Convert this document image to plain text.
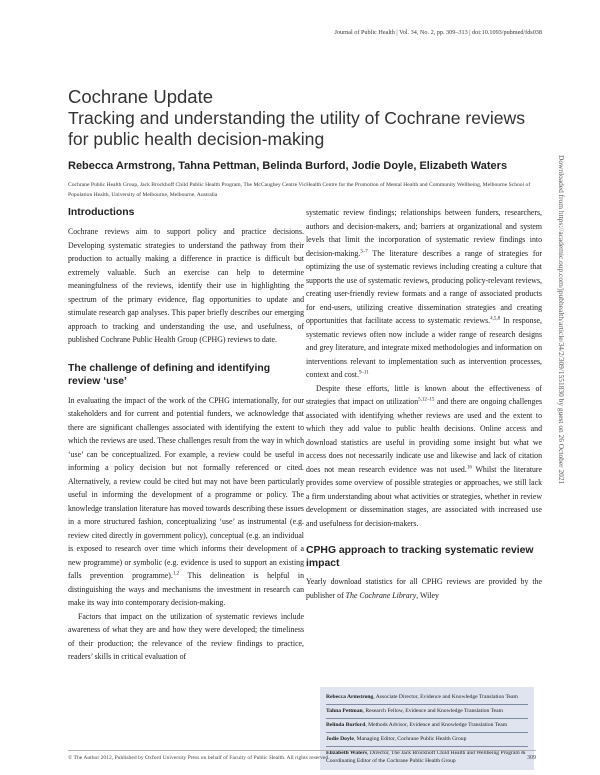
Journal of Public Health | Vol. 34, No. 2, pp. 309–313 | doi:10.1093/pubmed/fds038
Cochrane Update
Tracking and understanding the utility of Cochrane reviews for public health decision-making
Rebecca Armstrong, Tahna Pettman, Belinda Burford, Jodie Doyle, Elizabeth Waters
Cochrane Public Health Group, Jack Brockhoff Child Public Health Program, The McCaughey Centre VicHealth Centre for the Promotion of Mental Health and Community Wellbeing, Melbourne School of Population Health, University of Melbourne, Melbourne, Australia
Introductions

Cochrane reviews aim to support policy and practice decisions. Developing systematic strategies to understand the pathway from their production to actually making a difference in practice is difficult but extremely valuable. Such an exercise can help to determine meaningfulness of the reviews, identify their use in highlighting the spectrum of the primary evidence, flag opportunities to update and stimulate research gap analyses. This paper briefly describes our emerging approach to tracking and understanding the use, and usefulness, of published Cochrane Public Health Group (CPHG) reviews to date.

The challenge of defining and identifying review ‘use’

In evaluating the impact of the work of the CPHG internationally, for our stakeholders and for current and potential funders, we acknowledge that there are significant challenges associated with identifying the extent to which the reviews are used. These challenges result from the way in which ‘use’ can be conceptualized. For example, a review could be useful in informing a policy decision but not formally referenced or cited. Alternatively, a review could be cited but may not have been particularly useful in informing the development of a programme or policy. The knowledge translation literature has moved towards describing these issues in a more structured fashion, conceptualizing ‘use’ as instrumental (e.g. review cited directly in government policy), conceptual (e.g. an individual is exposed to research over time which informs their development of a new programme) or symbolic (e.g. evidence is used to support an existing falls prevention programme).$^{1,2}$ This delineation is helpful in distinguishing the ways and mechanisms the investment in research can make its way into contemporary decision-making.

Factors that impact on the utilization of systematic reviews include awareness of what they are and how they were developed; the timeliness of their production; the relevance of the review findings to practice, readers’ skills in critical evaluation of

systematic review findings; relationships between funders, researchers, authors and decision-makers, and; barriers at organizational and system levels that limit the incorporation of systematic review findings into decision-making.$^{3-7}$ The literature describes a range of strategies for optimizing the use of systematic reviews including creating a culture that supports the use of systematic reviews, producing policy-relevant reviews, creating user-friendly review formats and a range of associated products for end-users, utilizing creative dissemination strategies and creating opportunities that facilitate access to systematic reviews.$^{4,5,8}$ In response, systematic reviews often now include a wider range of research designs and grey literature, and integrate mixed methodologies and information on interventions relevant to implementation such as intervention processes, context and cost.$^{9-11}$

Despite these efforts, little is known about the effectiveness of strategies that impact on utilization$^{5,12-15}$ and there are ongoing challenges associated with identifying whether reviews are used and the extent to which they add value to public health decisions. Online access and download statistics are useful in providing some insight but what we access does not necessarily indicate use and likewise and lack of citation does not mean research evidence was not used.$^{16}$ Whilst the literature provides some overview of possible strategies or approaches, we still lack a firm understanding about what activities or strategies, whether in review development or dissemination stages, are associated with increased use and usefulness for decision-makers.

CPHG approach to tracking systematic review impact

Yearly download statistics for all CPHG reviews are provided by the publisher of The Cochrane Library, Wiley

Rebecca Armstrong, Associate Director, Evidence and Knowledge Translation Team
Tahna Pettman, Research Fellow, Evidence and Knowledge Translation Team
Belinda Burford, Methods Advisor, Evidence and Knowledge Translation Team
Jodie Doyle, Managing Editor, Cochrane Public Health Group
Elizabeth Waters, Director, The Jack Brockhoff Child Health and Wellbeing Program & Coordinating Editor of the Cochrane Public Health Group
© The Author 2012, Published by Oxford University Press on behalf of Faculty of Public Health. All rights reserved	309
Downloaded from https://academic.oup.com/jpubhealth/article/34/2/309/1551830 by guest on 26 October 2021
